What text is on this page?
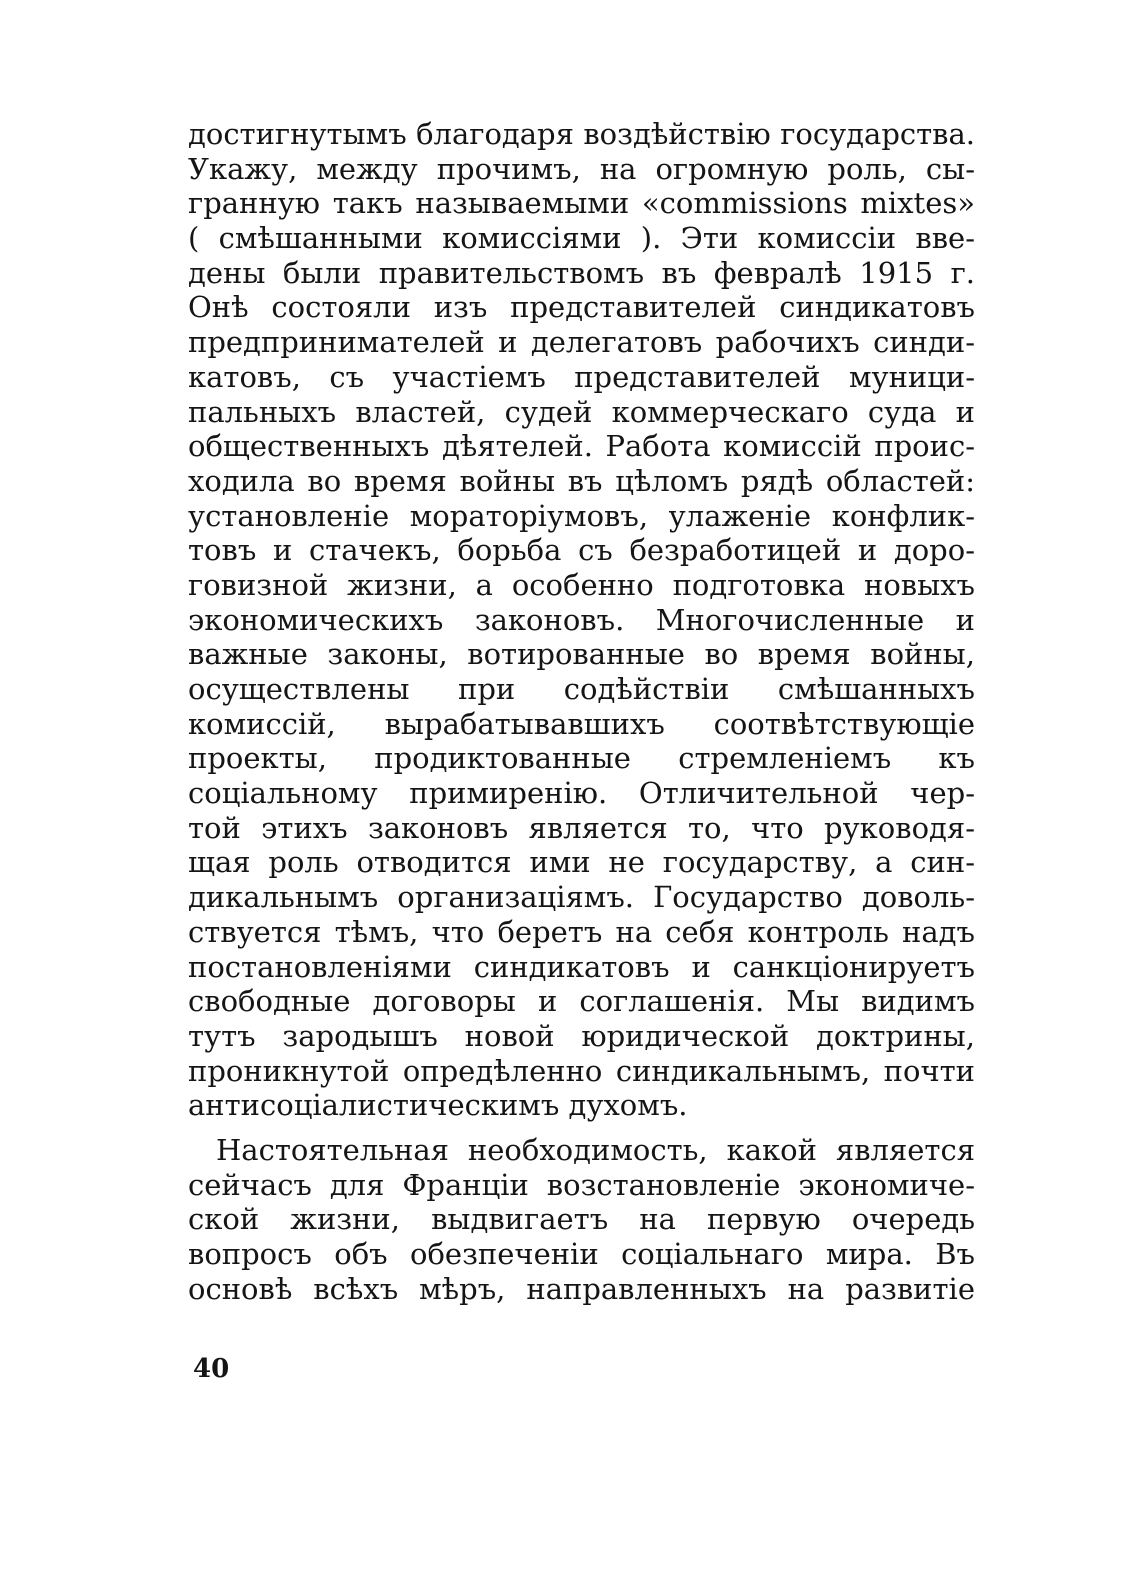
достигнутымъ благодаря воздѣйствію государства.
Укажу, между прочимъ, на огромную роль, сы-
гранную такъ называемыми «commissions mixtes»
( смѣшанными комиссіями ). Эти комиссіи вве-
дены были правительствомъ въ февралѣ 1915 г.
Онѣ состояли изъ представителей синдикатовъ
предпринимателей и делегатовъ рабочихъ синди-
катовъ, съ участіемъ представителей муници-
пальныхъ властей, судей коммерческаго суда и
общественныхъ дѣятелей. Работа комиссій проис-
ходила во время войны въ цѣломъ рядѣ областей:
установленіе мораторіумовъ, улаженіе конфлик-
товъ и стачекъ, борьба съ безработицей и доро-
говизной жизни, а особенно подготовка новыхъ
экономическихъ законовъ. Многочисленные и
важные законы, вотированные во время войны,
осуществлены при содѣйствіи смѣшанныхъ
комиссій, вырабатывавшихъ соотвѣтствующіе
проекты, продиктованные стремленіемъ къ
соціальному примиренію. Отличительной чер-
той этихъ законовъ является то, что руководя-
щая роль отводится ими не государству, а син-
дикальнымъ организаціямъ. Государство доволь-
ствуется тѣмъ, что беретъ на себя контроль надъ
постановленіями синдикатовъ и санкціонируетъ
свободные договоры и соглашенія. Мы видимъ
тутъ зародышъ новой юридической доктрины,
проникнутой опредѣленно синдикальнымъ, почти
антисоціалистическимъ духомъ.
Настоятельная необходимость, какой является
сейчасъ для Франціи возстановленіе экономиче-
ской жизни, выдвигаетъ на первую очередь
вопросъ объ обезпеченіи соціальнаго мира. Въ
основѣ всѣхъ мѣръ, направленныхъ на развитіе
40
